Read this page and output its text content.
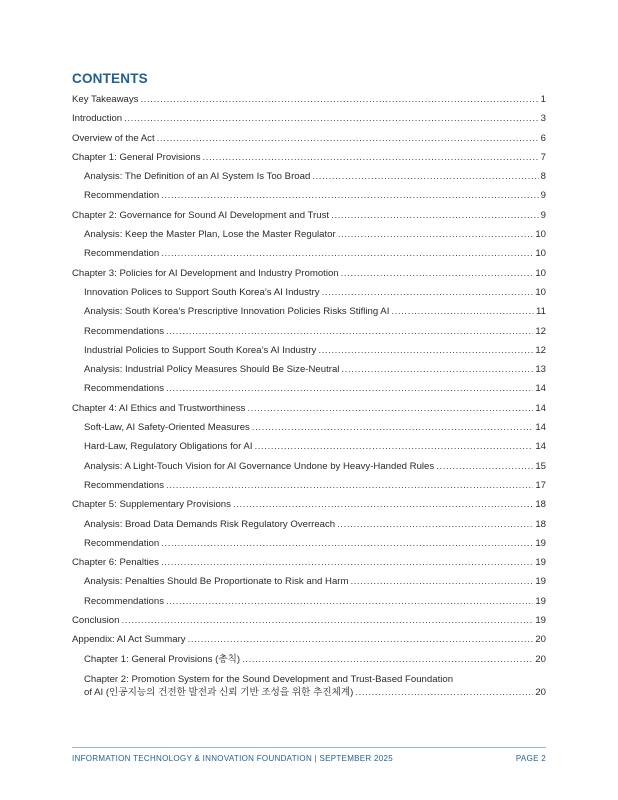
CONTENTS
Key Takeaways .....	1
Introduction .....	3
Overview of the Act .....	6
Chapter 1: General Provisions .....	7
Analysis: The Definition of an AI System Is Too Broad .....	8
Recommendation .....	9
Chapter 2: Governance for Sound AI Development and Trust .....	9
Analysis: Keep the Master Plan, Lose the Master Regulator .....	10
Recommendation .....	10
Chapter 3: Policies for AI Development and Industry Promotion .....	10
Innovation Polices to Support South Korea’s AI Industry .....	10
Analysis: South Korea’s Prescriptive Innovation Policies Risks Stifling AI .....	11
Recommendations .....	12
Industrial Policies to Support South Korea’s AI Industry .....	12
Analysis: Industrial Policy Measures Should Be Size-Neutral .....	13
Recommendations .....	14
Chapter 4: AI Ethics and Trustworthiness .....	14
Soft-Law, AI Safety-Oriented Measures .....	14
Hard-Law, Regulatory Obligations for AI .....	14
Analysis: A Light-Touch Vision for AI Governance Undone by Heavy-Handed Rules .....	15
Recommendations .....	17
Chapter 5: Supplementary Provisions .....	18
Analysis: Broad Data Demands Risk Regulatory Overreach .....	18
Recommendation .....	19
Chapter 6: Penalties .....	19
Analysis: Penalties Should Be Proportionate to Risk and Harm .....	19
Recommendations .....	19
Conclusion .....	19
Appendix: AI Act Summary .....	20
Chapter 1: General Provisions (총칙) .....	20
Chapter 2: Promotion System for the Sound Development and Trust-Based Foundation
of AI (인공지능의 건전한 발전과 신뢰 기반 조성을 위한 추진체계) .....	20
INFORMATION TECHNOLOGY & INNOVATION FOUNDATION | SEPTEMBER 2025	PAGE 2
